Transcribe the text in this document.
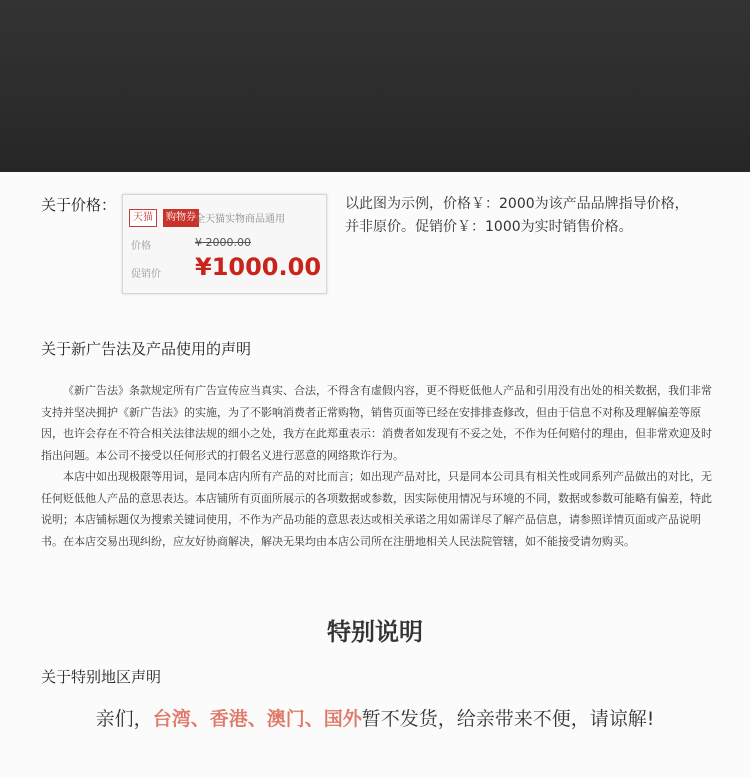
关于价格：
天猫	购物券 全天猫实物商品通用
价格	¥ 2000.00
促销价 ¥1000.00
以此图为示例，价格￥：2000为该产品品牌指导价格，
并非原价。促销价￥：1000为实时销售价格。
关于新广告法及产品使用的声明

《新广告法》条款规定所有广告宣传应当真实、合法，不得含有虚假内容，更不得贬低他人产品和引用没有出处的相关数据，我们非常支持并坚决拥护《新广告法》的实施，为了不影响消费者正常购物，销售页面等已经在安排排查修改，但由于信息不对称及理解偏差等原因，也许会存在不符合相关法律法规的细小之处，我方在此郑重表示：消费者如发现有不妥之处，不作为任何赔付的理由，但非常欢迎及时指出问题。本公司不接受以任何形式的打假名义进行恶意的网络欺诈行为。

本店中如出现极限等用词，是同本店内所有产品的对比而言；如出现产品对比，只是同本公司具有相关性或同系列产品做出的对比，无任何贬低他人产品的意思表达。本店铺所有页面所展示的各项数据或参数，因实际使用情况与环境的不同，数据或参数可能略有偏差，特此说明；本店铺标题仅为搜索关键词使用，不作为产品功能的意思表达或相关承诺之用如需详尽了解产品信息，请参照详情页面或产品说明书。在本店交易出现纠纷，应友好协商解决，解决无果均由本店公司所在注册地相关人民法院管辖，如不能接受请勿购买。

特别说明
关于特别地区声明
亲们，台湾、香港、澳门、国外暂不发货，给亲带来不便，请谅解!
